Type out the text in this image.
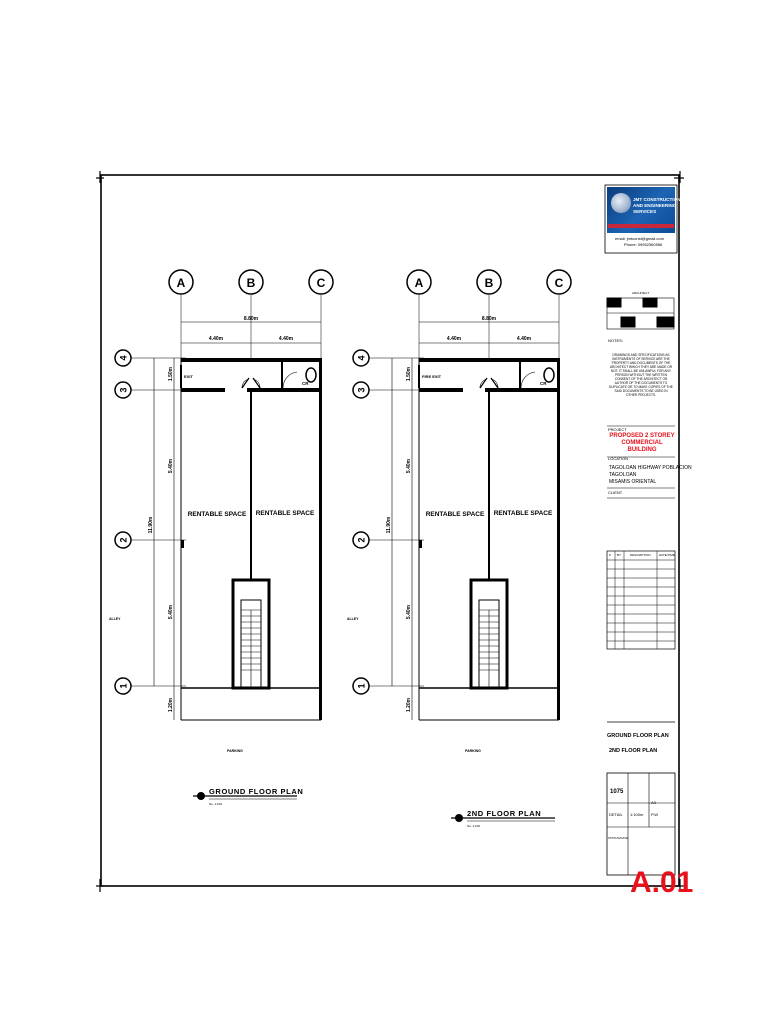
A	B	C
8.80m
4.40m	4.40m
4
3
2
1
11.90m
1.50m
5.40m
5.40m
1.20m
CR
EXIT
RENTABLE SPACE RENTABLE SPACE
ALLEY
PARKING
GROUND FLOOR PLAN
No. 1:100
A	B	C
8.80m
4.40m	4.40m
4
3
2
1
11.90m
1.50m
5.40m
5.40m
1.20m
CR
FIRE EXIT
RENTABLE SPACE RENTABLE SPACE
ALLEY
PARKING
2ND FLOOR PLAN
No. 1:100

JMT CONSTRUCTION

AND ENGINEERING

SERVICES

email: jmtconst@gmail.com

Phone: 09952360556

ARCHITECT

NOTES:

DRAWINGS AND SPECIFICATIONS AS INSTRUMENTS OF SERVICE ARE THE PROPERTY AND DOCUMENTS OF THE ARCHITECT WHICH THEY ARE MADE OR NOT. IT SHALL BE UNLAWFUL FOR ANY PERSON WITHOUT THE WRITTEN CONSENT OF THE ARCHITECT OR AUTHOR OF THE DOCUMENTS TO DUPLICATE OR TO MAKE COPIES OF THE SAID DOCUMENTS TO BE USED IN OTHER PROJECTS.

PROJECT

PROPOSED 2 STOREY COMMERCIAL BUILDING

LOCATION

TAGOLOAN HIGHWAY POBLACION

TAGOLOAN

MISAMIS ORIENTAL

CLIENT

# BY	DESCRIPTION	DATE/TIME

GROUND FLOOR PLAN

2ND FLOOR PLAN

1075

DETAIL 1:100m

A3

P.W

STATUS/DATE

A.01
